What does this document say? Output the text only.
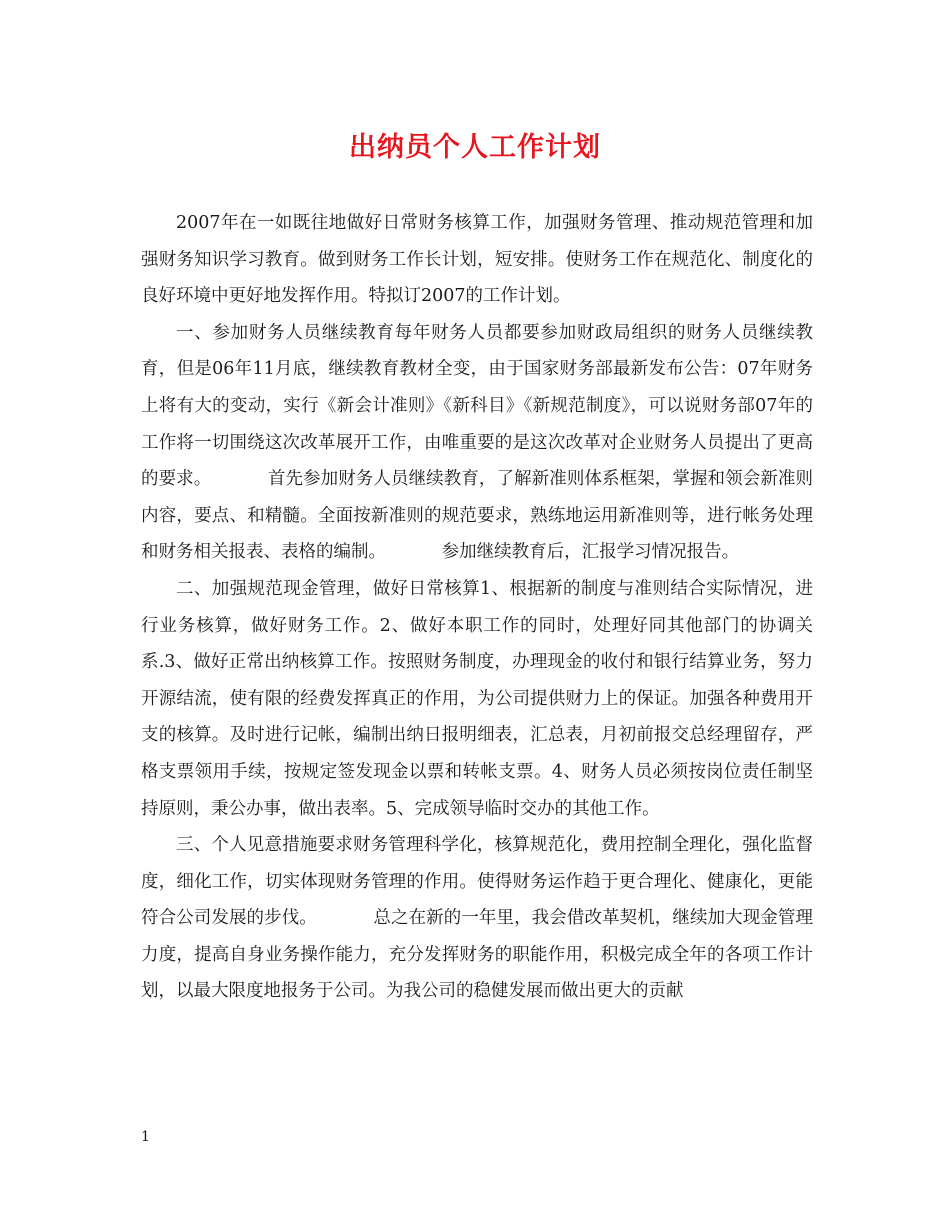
出纳员个人工作计划

2007年在一如既往地做好日常财务核算工作，加强财务管理、推动规范管理和加强财务知识学习教育。做到财务工作长计划，短安排。使财务工作在规范化、制度化的良好环境中更好地发挥作用。特拟订2007的工作计划。

一、参加财务人员继续教育每年财务人员都要参加财政局组织的财务人员继续教育，但是06年11月底，继续教育教材全变，由于国家财务部最新发布公告：07年财务上将有大的变动，实行《新会计准则》《新科目》《新规范制度》，可以说财务部07年的工作将一切围绕这次改革展开工作，由唯重要的是这次改革对企业财务人员提出了更高的要求。          首先参加财务人员继续教育，了解新准则体系框架，掌握和领会新准则内容，要点、和精髓。全面按新准则的规范要求，熟练地运用新准则等，进行帐务处理和财务相关报表、表格的编制。          参加继续教育后，汇报学习情况报告。

二、加强规范现金管理，做好日常核算1、根据新的制度与准则结合实际情况，进行业务核算，做好财务工作。2、做好本职工作的同时，处理好同其他部门的协调关系.3、做好正常出纳核算工作。按照财务制度，办理现金的收付和银行结算业务，努力开源结流，使有限的经费发挥真正的作用，为公司提供财力上的保证。加强各种费用开支的核算。及时进行记帐，编制出纳日报明细表，汇总表，月初前报交总经理留存，严格支票领用手续，按规定签发现金以票和转帐支票。4、财务人员必须按岗位责任制坚持原则，秉公办事，做出表率。5、完成领导临时交办的其他工作。

三、个人见意措施要求财务管理科学化，核算规范化，费用控制全理化，强化监督度，细化工作，切实体现财务管理的作用。使得财务运作趋于更合理化、健康化，更能符合公司发展的步伐。          总之在新的一年里，我会借改革契机，继续加大现金管理力度，提高自身业务操作能力，充分发挥财务的职能作用，积极完成全年的各项工作计划，以最大限度地报务于公司。为我公司的稳健发展而做出更大的贡献

1
